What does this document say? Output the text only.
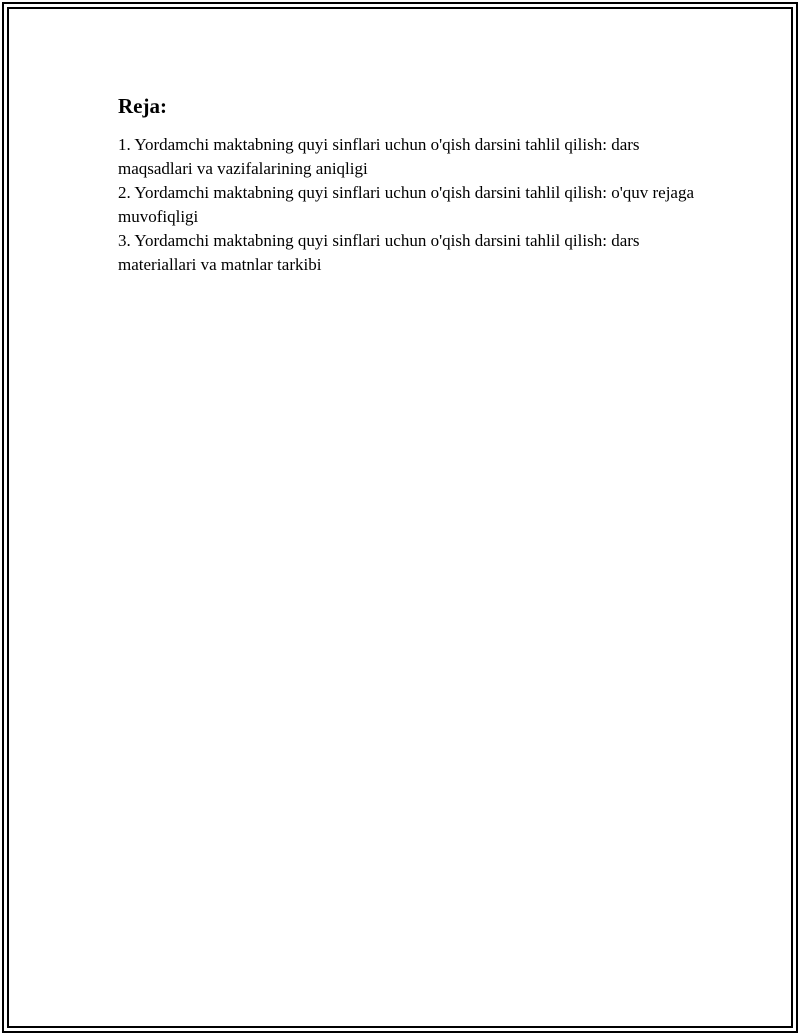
Reja:
1. Yordamchi maktabning quyi sinflari uchun o'qish darsini tahlil qilish: dars maqsadlari va vazifalarining aniqligi
2. Yordamchi maktabning quyi sinflari uchun o'qish darsini tahlil qilish: o'quv rejaga muvofiqligi
3. Yordamchi maktabning quyi sinflari uchun o'qish darsini tahlil qilish: dars materiallari va matnlar tarkibi
